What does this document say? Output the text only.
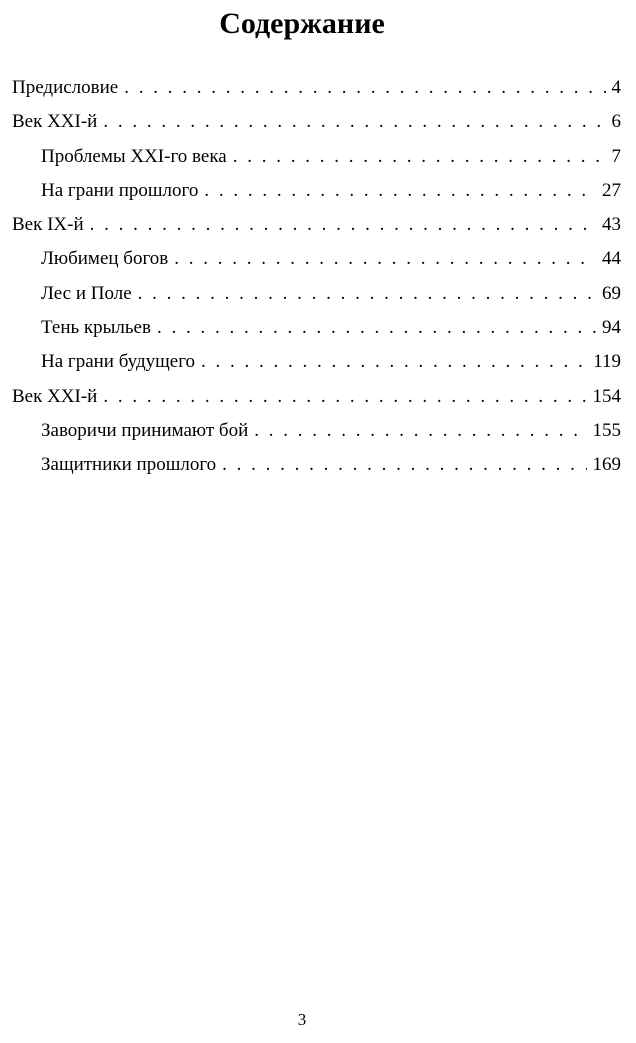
Содержание
Предисловие . . .	4
Век XXI-й . . .	6
Проблемы XXI-го века . . .	7
На грани прошлого . . .	27
Век IX-й . . .	43
Любимец богов . . .	44
Лес и Поле . . .	69
Тень крыльев . . .	94
На грани будущего . . .	119
Век XXI-й . . .	154
Заворичи принимают бой . . .	155
Защитники прошлого . . .	169
3
